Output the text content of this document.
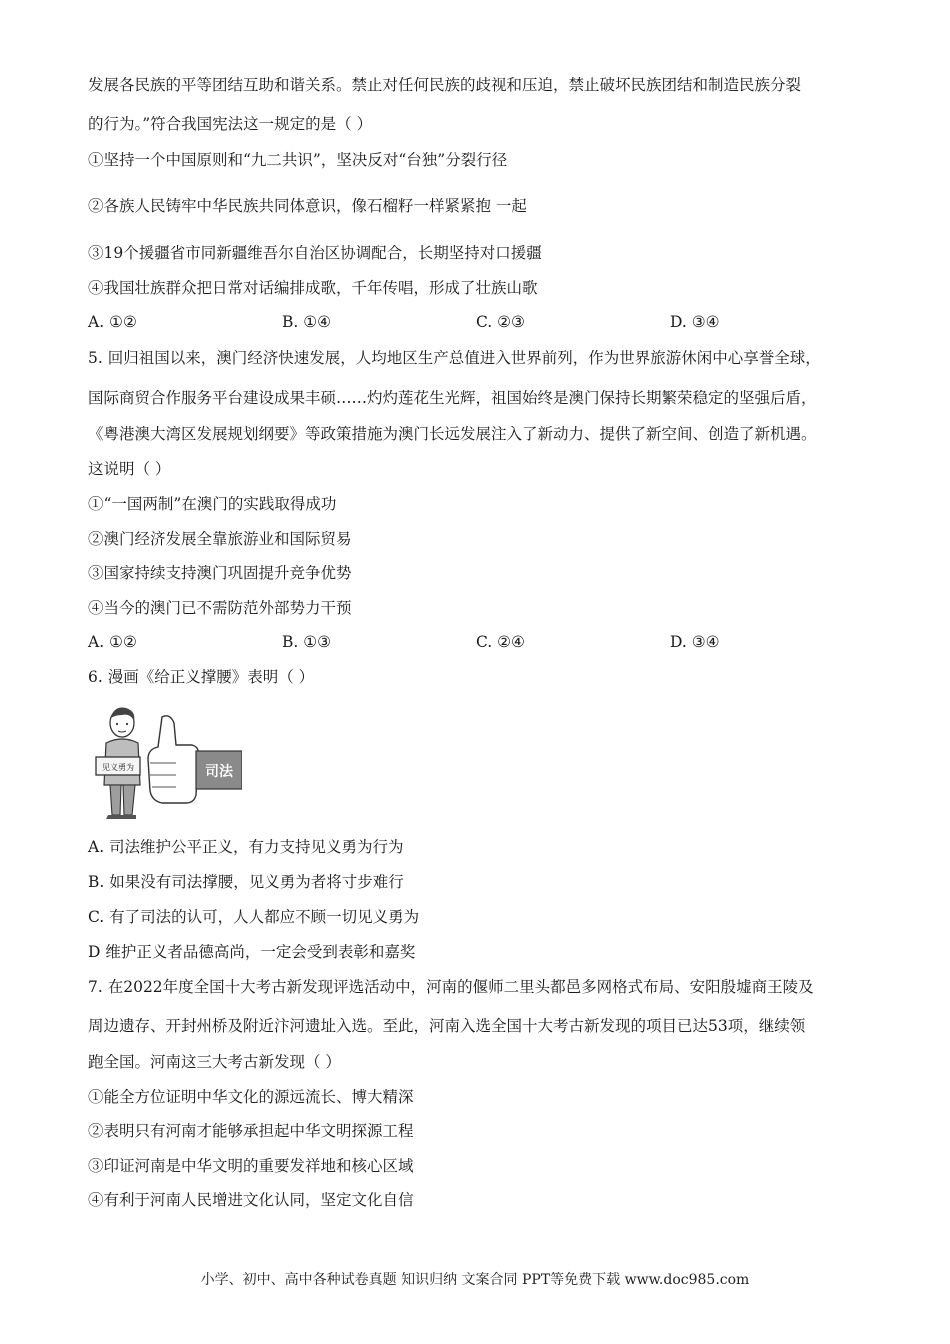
发展各民族的平等团结互助和谐关系。禁止对任何民族的歧视和压迫，禁止破坏民族团结和制造民族分裂
的行为。”符合我国宪法这一规定的是（ ）
①坚持一个中国原则和“九二共识”，坚决反对“台独”分裂行径
②各族人民铸牢中华民族共同体意识，像石榴籽一样紧紧抱 一起
③19个援疆省市同新疆维吾尔自治区协调配合，长期坚持对口援疆
④我国壮族群众把日常对话编排成歌，千年传唱，形成了壮族山歌
A. ①②	B. ①④	C. ②③	D. ③④
5. 回归祖国以来，澳门经济快速发展，人均地区生产总值进入世界前列，作为世界旅游休闲中心享誉全球，
国际商贸合作服务平台建设成果丰硕……灼灼莲花生光辉，祖国始终是澳门保持长期繁荣稳定的坚强后盾，
《粤港澳大湾区发展规划纲要》等政策措施为澳门长远发展注入了新动力、提供了新空间、创造了新机遇。
这说明（ ）
①“一国两制”在澳门的实践取得成功
②澳门经济发展全靠旅游业和国际贸易
③国家持续支持澳门巩固提升竞争优势
④当今的澳门已不需防范外部势力干预
A. ①②	B. ①③	C. ②④	D. ③④
6. 漫画《给正义撑腰》表明（ ）
见义勇为	司法
A. 司法维护公平正义，有力支持见义勇为行为
B. 如果没有司法撑腰，见义勇为者将寸步难行
C. 有了司法的认可，人人都应不顾一切见义勇为
D 维护正义者品德高尚，一定会受到表彰和嘉奖
7. 在2022年度全国十大考古新发现评选活动中，河南的偃师二里头都邑多网格式布局、安阳殷墟商王陵及
周边遗存、开封州桥及附近汴河遗址入选。至此，河南入选全国十大考古新发现的项目已达53项，继续领
跑全国。河南这三大考古新发现（ ）
①能全方位证明中华文化的源远流长、博大精深
②表明只有河南才能够承担起中华文明探源工程
③印证河南是中华文明的重要发祥地和核心区域
④有利于河南人民增进文化认同，坚定文化自信
小学、初中、高中各种试卷真题 知识归纳 文案合同 PPT等免费下载 www.doc985.com
